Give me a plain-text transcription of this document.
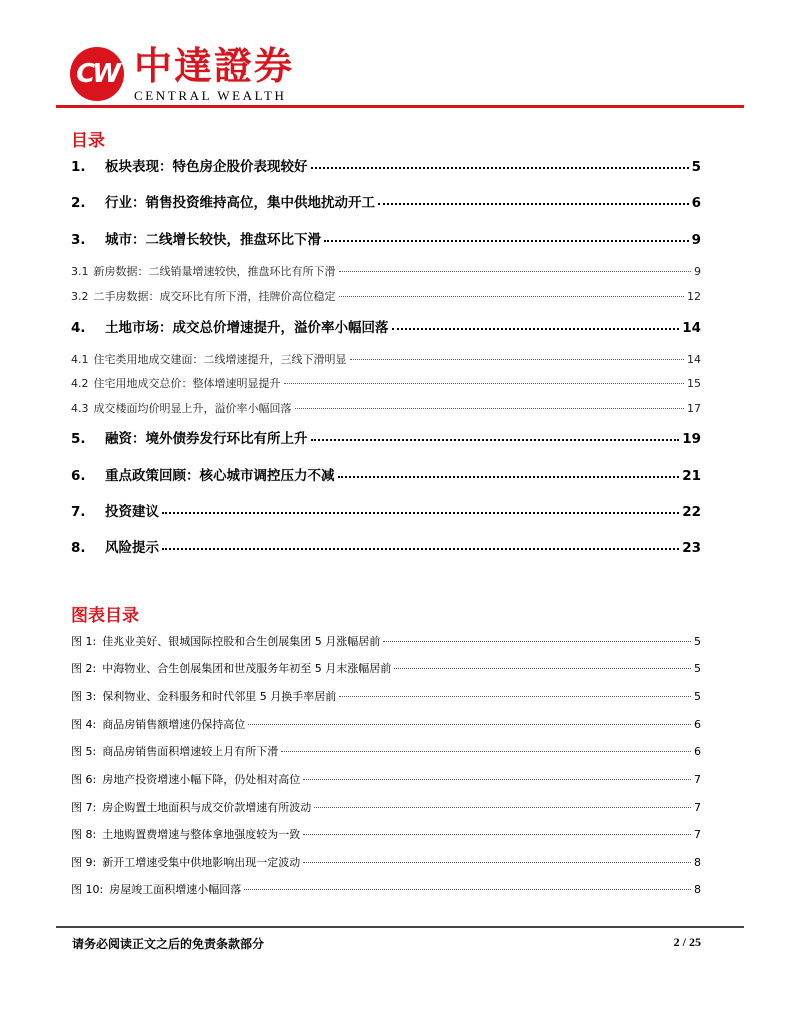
CW 中達證券
CENTRAL WEALTH
目录
1.	板块表现：特色房企股价表现较好	5
2.	行业：销售投资维持高位，集中供地扰动开工	6
3.	城市：二线增长较快，推盘环比下滑	9
3.1 新房数据：二线销量增速较快，推盘环比有所下滑	9
3.2 二手房数据：成交环比有所下滑，挂牌价高位稳定	12
4.	土地市场：成交总价增速提升，溢价率小幅回落	14
4.1 住宅类用地成交建面：二线增速提升，三线下滑明显	14
4.2 住宅用地成交总价：整体增速明显提升	15
4.3 成交楼面均价明显上升，溢价率小幅回落	17
5.	融资：境外债券发行环比有所上升	19
6.	重点政策回顾：核心城市调控压力不减	21
7.	投资建议	22
8.	风险提示	23
图表目录
图 1: 佳兆业美好、银城国际控股和合生创展集团 5 月涨幅居前	5
图 2: 中海物业、合生创展集团和世茂服务年初至 5 月末涨幅居前	5
图 3: 保利物业、金科服务和时代邻里 5 月换手率居前	5
图 4: 商品房销售额增速仍保持高位	6
图 5: 商品房销售面积增速较上月有所下滑	6
图 6: 房地产投资增速小幅下降，仍处相对高位	7
图 7: 房企购置土地面积与成交价款增速有所波动	7
图 8: 土地购置费增速与整体拿地强度较为一致	7
图 9: 新开工增速受集中供地影响出现一定波动	8
图 10: 房屋竣工面积增速小幅回落	8
请务必阅读正文之后的免责条款部分	2 / 25
